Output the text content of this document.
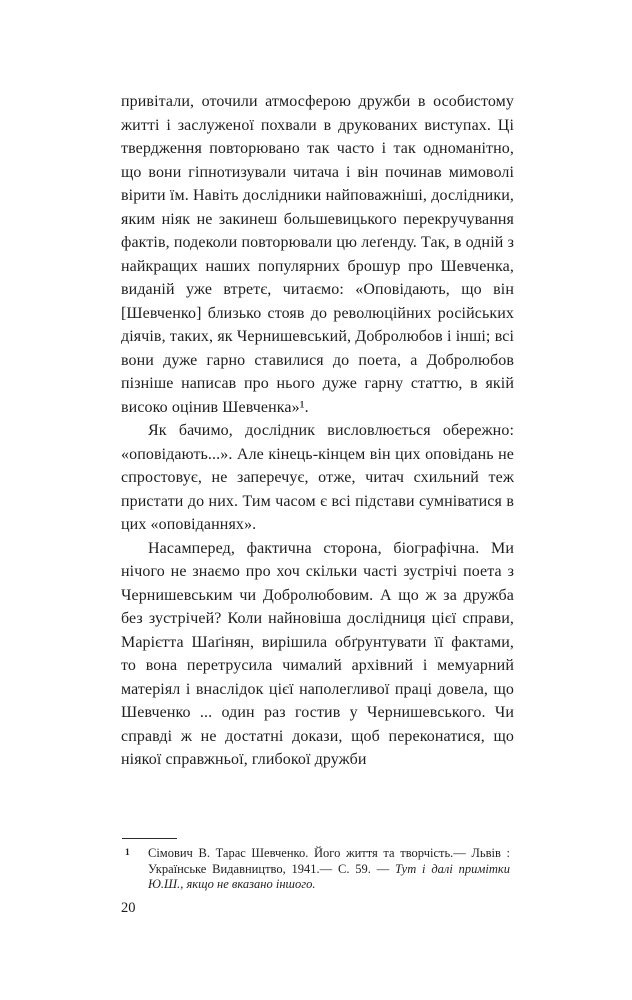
привітали, оточили атмосферою дружби в особистому житті і заслуженої похвали в друкованих виступах. Ці твердження повторювано так часто і так одноманітно, що вони гіпнотизували читача і він починав мимоволі вірити їм. Навіть дослідники найповажніші, дослідники, яким ніяк не закинеш большевицького перекручування фактів, подеколи повторювали цю леґенду. Так, в одній з найкращих наших популярних брошур про Шевченка, виданій уже втретє, читаємо: «Оповідають, що він [Шевченко] близько стояв до революційних російських діячів, таких, як Чернишевський, Добролюбов і інші; всі вони дуже гарно ставилися до поета, а Добролюбов пізніше написав про нього дуже гарну статтю, в якій високо оцінив Шевченка»¹.

Як бачимо, дослідник висловлюється обережно: «оповідають...». Але кінець-кінцем він цих оповідань не спростовує, не заперечує, отже, читач схильний теж пристати до них. Тим часом є всі підстави сумніватися в цих «оповіданнях».

Насамперед, фактична сторона, біографічна. Ми нічого не знаємо про хоч скільки часті зустрічі поета з Чернишевським чи Добролюбовим. А що ж за дружба без зустрічей? Коли найновіша дослідниця цієї справи, Марієтта Шаґінян, вирішила обґрунтувати її фактами, то вона перетрусила чималий архівний і мемуарний матеріял і внаслідок цієї наполегливої праці довела, що Шевченко ... один раз гостив у Чернишевського. Чи справді ж не достатні докази, щоб переконатися, що ніякої справжньої, глибокої дружби

1	Сімович В. Тарас Шевченко. Його життя та творчість.— Львів : Українське Видавництво, 1941.— С. 59. — Тут і далі примітки Ю.Ш., якщо не вказано іншого.
20
